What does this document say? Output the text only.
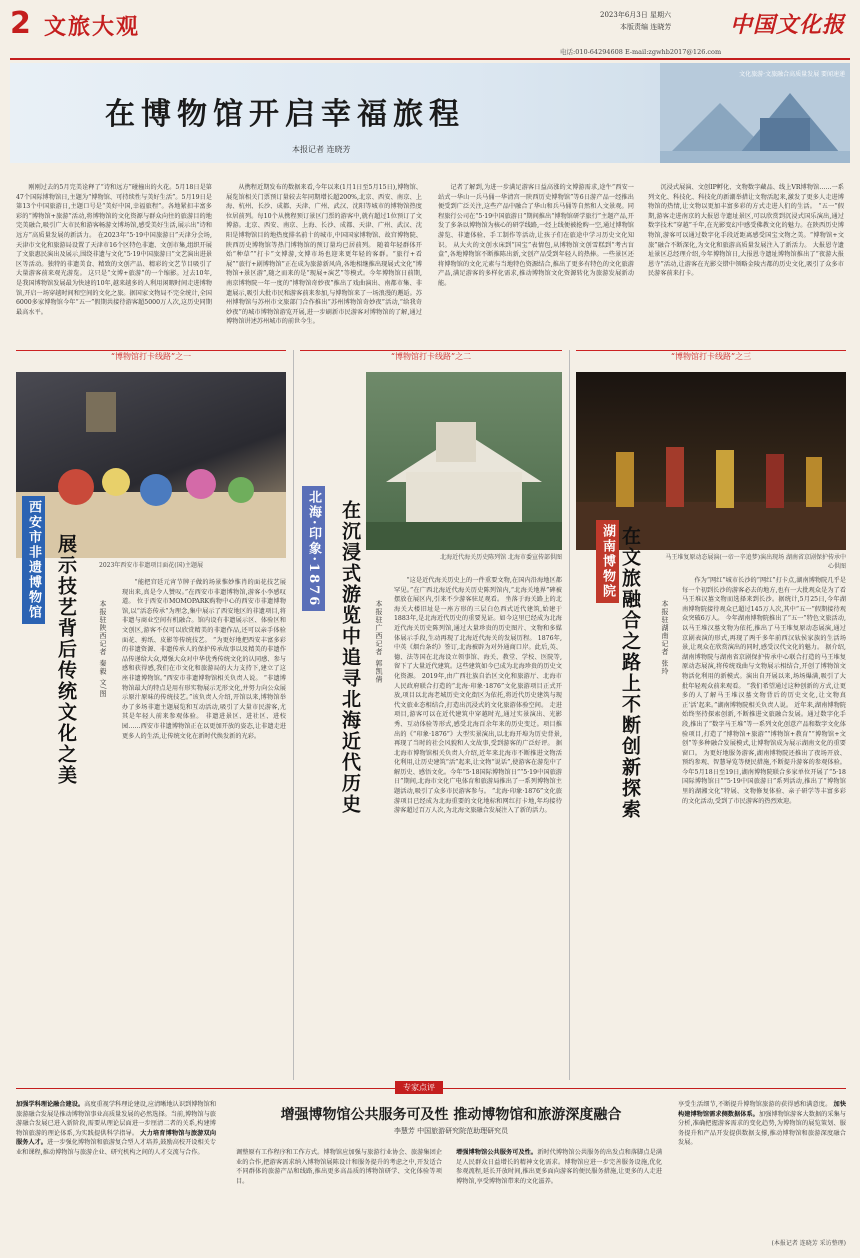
2 文旅大观	中国文化报
2023年6月3日 星期六
本版责编 连晓芳
电话:010-64294608 E-mail:zgwhb2017@126.com
文化旅游·文旅融合高质量发展 要闻速递
在博物馆开启幸福旅程
本报记者 连晓芳
刚刚过去的5月完美诠释了“诗和远方”碰撞出的火花。5月18日是第47个国际博物馆日,主题为“博物馆、可持续性与美好生活”。5月19日是第13个中国旅游日,主题口号是“美好中国,幸福旅程”。各地紧扣丰富多彩的“博物馆+旅游”活动,将博物馆的文化资源与群众向往的旅游目的地完美融合,吸引广大市民和游客畅游文博场馆,感受美好生活,展示出“诗和远方”高质量发展的新活力。 在2023年“5·19中国旅游日”天津分会场,天津市文化和旅游局设置了天津市16个区特色非遗、文创市集,组织开展了文旅惠民演出及展示,围绕非遗与文化“5·19中国旅游日”文艺演出进景区等活动。独特的非遗美食、精致的文创产品、精彩的文艺节目吸引了大量游客前来观光游览。 这只是“文博+旅游”的一个缩影。过去10年,是我国博物馆发展最为快速的10年,越来越多的人利用闲暇时间走进博物馆,开启一场穿越时间和空间的文化之旅。据国家文物局不完全统计,全国6000多家博物馆今年“五一”假期共接待游客超5000万人次,这历史同期最高水平。
从携程近期发布的数据来看,今年以来(1月1日至5月15日),博物馆、展览馆相关门票预订量较去年同期增长超200%,北京、西安、南京、上海、杭州、长沙、成都、天津、广州、武汉、沈阳等城市的博物馆热度位居前列。每10个从携程预订景区门票的游客中,就有超过1位预订了文博游。北京、西安、南京、上海、长沙、成都、天津、广州、武汉、沈阳是博物馆目的地热度排名前十的城市,中国国家博物馆、故宫博物院、陕西历史博物馆等热门博物馆的预订量均已居前列。 随着年轻群体开始“种草”“打卡”文博游,文博市场也迎来更年轻的客群。“旅行+看展”“旅行+剧博物馆”正在成为旅游新风尚,各地相继推出现展式文化“博物馆+景区游”,随之而来的是“现展+演艺”等模式。今年博物馆日前期,南京博物院一年一度的“博物馆奇妙夜”推出了戏曲演出、南都市集、非遗展示,吸引大批市民和游客前来参加,与博物馆来了一场浪漫的邂逅。苏州博物馆与苏州市文旅部门合作推出“苏州博物馆奇妙夜”活动,“给我奇妙夜”的城市博物馆游览开展,进一步刷新市民游客对博物馆的了解,通过博物馆讲述苏州城市的前世今生。
记者了解到,为进一步满足游客日益高涨的文博游需求,途牛“西安一站式一华山一兵马俑一华清宫一陕西历史博物馆”等6日游产品一经推出便受到广泛关注,这些产品中融合了华山和兵马俑等自然和人文景观。同程旅行公司在“5·19中国旅游日”期间推出“博物馆研学旅行”主题产品,开发了多条以博物馆为核心的研学线路,一经上线便被抢购一空,通过博物馆游览、非遗体验、手工制作等活动,让孩子们在旅途中学习历史文化知识。 从大火的文创水床到“国宝”表情包,从博物馆文创雪糕到“考古盲盒”,各地博物馆不断推陈出新,文创产品受到年轻人的热捧。一些景区还将博物馆的文化元素与当地特色资源结合,推出了更多有特色的文化旅游产品,满足游客的多样化需求,推动博物馆文化资源转化为旅游发展新动能。
沉浸式展演、文创IP孵化、文物数字藏品、线上VR博物馆……一系列文化、科技化、科技化的新潮举措让文物活起来,激发了更多人走进博物馆的热情,让文物以更加丰富多彩的方式走进人们的生活。 “五一”假期,游客走进南京的大报恩寺遗址景区,可以欣赏到沉浸式国乐演出,通过数字技术“穿越”千年,在光影变幻中感受佛教文化的魅力。在陕西历史博物馆,游客可以通过数字化手段近距离感受国宝文物之美。“博物馆+文旅”融合不断深化,为文化和旅游高质量发展注入了新活力。 大报恩寺遗址景区总经理介绍,今年博物馆日,大报恩寺遗址博物馆推出了“夜游大报恩寺”活动,让游客在光影交错中领略金陵古都的历史文化,吸引了众多市民游客前来打卡。
“博物馆打卡线路”之一	“博物馆打卡线路”之二	“博物馆打卡线路”之三
西安市非遗博物馆	2023年西安市非遗项目面花(国)主题展
展示技艺背后传统文化之美	本报驻陕西记者 秦毅 文/图
“能把宫廷元宵节牌子做的场景惟妙惟肖的面花技艺展现出来,真是令人赞叹。”在西安市非遗博物馆,游客小李感叹道。 位于西安市MOMOPARK购物中心的西安市非遗博物馆,以“活态传承”为理念,集中展示了西安地区的非遗项目,将非遗与商业空间有机融合。馆内设有非遗展示区、体验区和文创区,游客不仅可以欣赏精美的非遗作品,还可以亲手体验面花、剪纸、皮影等传统技艺。 “为更好地把西安丰富多彩的非遗资源、非遗传承人的保护传承故事以及精美的非遗作品传递给大众,增强大众对中华优秀传统文化的认同感、参与感和获得感,我们在市文化和旅游局的大力支持下,建立了这座非遗博物馆。”西安市非遗博物馆相关负责人说。 “非遗博物馆最大的特点是用有形实物展示无形文化,并努力向公众展示原汁原味的传统技艺。”该负责人介绍,开馆以来,博物馆举办了多场非遗主题展览和互动活动,吸引了大量市民游客,尤其是年轻人前来参观体验。 非遗进景区、进社区、进校园……西安市非遗博物馆正在以更加开放的姿态,让非遗走进更多人的生活,让传统文化在新时代焕发新的光彩。
北海近代海关历史陈列馆 北海市委宣传部供图
北海·印象·1876 在沉浸式游览中追寻北海近代历史 本报驻广西记者 郭凯倩
“这是近代海关历史上的一件重要文物,在国内沿海地区都罕见。”在广西北海近代海关历史陈列馆内,“北海关地界”碑被摆放在展区内,引来不少游客驻足观看。 坐落于海关路上的北海关大楼旧址是一座方形的三层白色西式近代建筑,始建于1883年,是北海近代历史的重要见证。如今这里已经成为北海近代海关历史陈列馆,通过大量珍贵的历史图片、文物和多媒体展示手段,生动再现了北海近代海关的发展历程。 1876年,中英《烟台条约》签订,北海被辟为对外通商口岸。此后,英、德、法等国在北海设立领事馆、海关、教堂、学校、医院等,留下了大量近代建筑。这些建筑如今已成为北海珍贵的历史文化资源。 2019年,由广西壮族自治区文化和旅游厅、北海市人民政府联合打造的“北海·印象·1876”文化旅游项目正式开放,项目以北海老城历史文化街区为依托,将近代历史建筑与现代文旅业态相结合,打造出沉浸式的文化旅游体验空间。 走进项目,游客可以在近代建筑中穿越时光,通过实景演出、光影秀、互动体验等形式,感受北海百余年来的历史变迁。项目推出的《“印象·1876”》大型实景演出,以北海开埠为历史背景,再现了当时的社会风貌和人文故事,受到游客的广泛好评。 据北海市博物馆相关负责人介绍,近年来北海市不断推进文物活化利用,让历史建筑“活”起来,让文物“说话”,使游客在游览中了解历史、感悟文化。今年“5·18国际博物馆日”“5·19中国旅游日”期间,北海市文化广电体育和旅游局推出了一系列博物馆主题活动,吸引了众多市民游客参与。 “北海·印象·1876”文化旅游项目已经成为北海重要的文化地标和网红打卡地,年均接待游客超过百万人次,为北海文旅融合发展注入了新的活力。
马王堆复原动态展演(一帝一辛追梦)演出现场 湖南省京剧保护传承中心供图
湖南博物院 在文旅融合之路上不断创新探索	本报驻湖南记者 张玲
作为“网红”城市长沙的“网红”打卡点,湖南博物院几乎是每一个初到长沙的游客必去的地方,也有一大批观众是为了看马王堆汉墓文物而选择来到长沙。据统计,5月25日,今年湖南博物院接待观众已超过145万人次,其中“五一”假期接待观众突破6万人。 今年湖南博物院推出了“五一”特色文旅活动,以马王堆汉墓文物为依托,推出了马王堆复原动态展演,通过京剧表演的形式,再现了两千多年前西汉轪侯家族的生活场景,让观众在欣赏演出的同时,感受汉代文化的魅力。 据介绍,湖南博物院与湖南省京剧保护传承中心联合打造的马王堆复原动态展演,将传统戏曲与文物展示相结合,开创了博物馆文物活化利用的新模式。演出自开展以来,场场爆满,吸引了大批年轻观众前来观看。 “我们希望通过这种创新的方式,让更多的人了解马王堆汉墓文物背后的历史文化,让文物真正‘活’起来。”湖南博物院相关负责人说。 近年来,湖南博物院始终坚持探索创新,不断推进文旅融合发展。通过数字化手段,推出了“数字马王堆”等一系列文化创意产品和数字文化体验项目,打造了“博物馆+旅游”“博物馆+教育”“博物馆+文创”等多种融合发展模式,让博物馆成为展示湖南文化的重要窗口。 为更好地服务游客,湖南博物院还推出了夜场开放、预约参观、智慧导览等便民措施,不断提升游客的参观体验。今年5月18日至19日,湖南博物院联合多家单位开展了“5·18国际博物馆日”“5·19中国旅游日”系列活动,推出了“博物馆里的湖湘文化”特展、文物修复体验、亲子研学等丰富多彩的文化活动,受到了市民游客的热烈欢迎。
专家点评
增强博物馆公共服务可及性 推动博物馆和旅游深度融合
李慧芳 中国旅游研究院范助理研究员
加强学科理论融合建设。高度重视学科理论建设,应清晰地认识到博物馆和旅游融合发展是推动博物馆事业高质量发展的必然选择。当前,博物馆与旅游融合发展已进入新阶段,需要从理论层面进一步厘清二者的关系,构建博物馆旅游的理论体系,为实践提供科学指导。 大力培育博物馆与旅游双向服务人才。进一步强化博物馆和旅游复合型人才培养,鼓励高校开设相关专业和课程,推动博物馆与旅游企业、研究机构之间的人才交流与合作。	调整原有工作程序和工作方式。博物馆应加强与旅游行业协会、旅游集团企业的合作,把游客需求纳入博物馆展陈设计和服务提升的考虑之中,开发适合不同群体的旅游产品和线路,推出更多高品质的博物馆研学、文化体验等项目。
增强博物馆公共服务可及性。新时代博物馆公共服务的出发点和落脚点是满足人民群众日益增长的精神文化需求。博物馆应进一步完善服务设施,优化参观流程,延长开放时间,推出更多面向游客的便民服务措施,让更多的人走进博物馆,享受博物馆带来的文化滋养。
享受生活细节,不断提升博物馆旅游的获得感和满意度。 加快构建博物馆需求侧数据体系。加强博物馆游客大数据的采集与分析,准确把握游客需求的变化趋势,为博物馆的展览策划、服务提升和产品开发提供数据支撑,推动博物馆和旅游深度融合发展。
(本报记者 连晓芳 采访整理)
